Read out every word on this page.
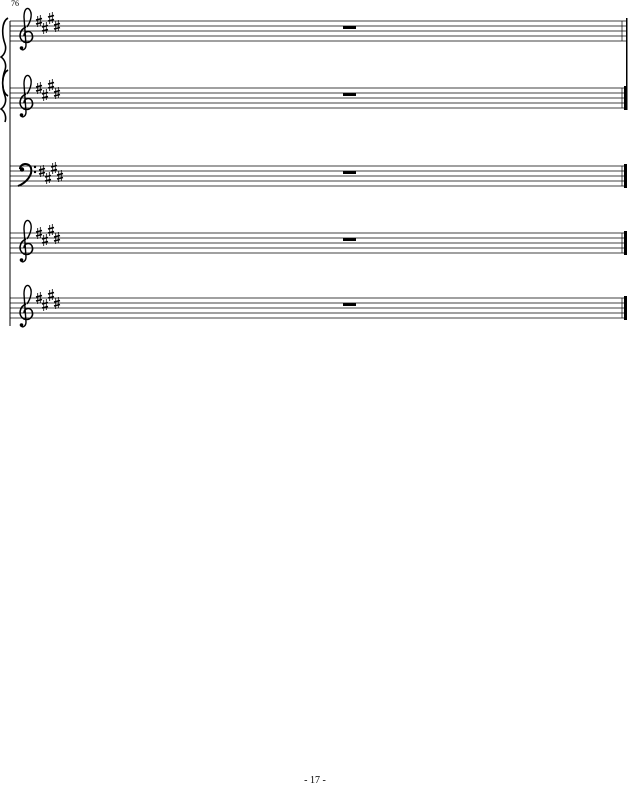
76
- 17 -
